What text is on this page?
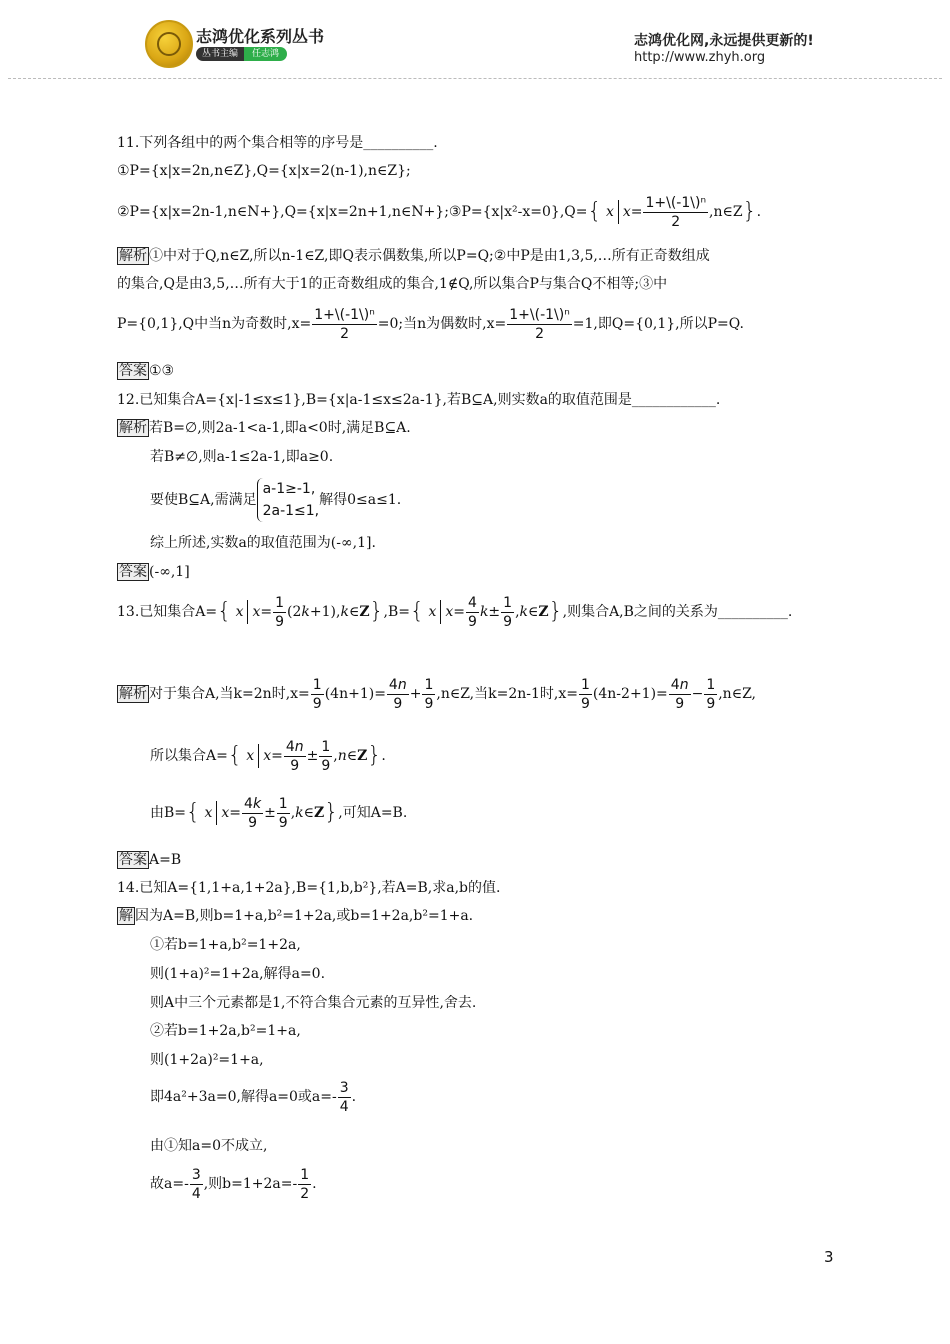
志鸿优化系列丛书
丛书主编	任志鸿
志鸿优化网,永远提供更新的!
http://www.zhyh.org
11.下列各组中的两个集合相等的序号是__________.
①P={x|x=2n,n∈Z},Q={x|x=2(n-1),n∈Z};
②P={x|x=2n-1,n∈N+},Q={x|x=2n+1,n∈N+};③P={x|x²-x=0},Q={ x $x= \frac{\text{1+\textbackslash{}(-1\textbackslash{})ⁿ}}{2}$ ,n∈Z}.
解析 ①中对于Q,n∈Z,所以n-1∈Z,即Q表示偶数集,所以P=Q;②中P是由1,3,5,…所有正奇数组成
的集合,Q是由3,5,…所有大于1的正奇数组成的集合,1∉Q,所以集合P与集合Q不相等;③中
P={0,1},Q中当n为奇数时$,x= \frac{\text{1+\textbackslash{}(-1\textbackslash{})ⁿ}}{2} =0$;当n为偶数时$,x= \frac{\text{1+\textbackslash{}(-1\textbackslash{})ⁿ}}{2} =1$,即Q={0,1},所以P=Q.
答案 ①③
12.已知集合A={x|-1≤x≤1},B={x|a-1≤x≤2a-1},若B⊆A,则实数a的取值范围是____________.
解析 若B=∅,则2a-1<a-1,即a<0时,满足B⊆A.
若B≠∅,则a-1≤2a-1,即a≥0.
要使B⊆A,需满足a-1≥-1,
2a-1≤1,解得0≤a≤1.
综上所述,实数a的取值范围为(-∞,1].
答案 (-∞,1]
13.已知集合A={ x $x= \frac{1}{9}$ (2k+1),k∈Z},B={ x $x= \frac{4}{9} k\pm \frac{1}{9}$ ,k∈Z},则集合A,B之间的关系为__________.
解析 对于集合A,当k=2n时$,x= \frac{1}{9} (4n+1)= \frac{4n}{9} + \frac{1}{9}$ ,n∈Z,当k=2n-1时$,x= \frac{1}{9} (4n-2+1)= \frac{4n}{9} - \frac{1}{9}$ ,n∈Z,
所以集合A={ x $x= \frac{4n}{9} \pm \frac{1}{9}$ ,n∈Z}.
由B={ x $x= \frac{4k}{9} \pm \frac{1}{9}$ ,k∈Z},可知A=B.
答案 A=B
14.已知A={1,1+a,1+2a},B={1,b,b²},若A=B,求a,b的值.
解 因为A=B,则b=1+a,b²=1+2a,或b=1+2a,b²=1+a.
①若b=1+a,b²=1+2a,
则(1+a)²=1+2a,解得a=0.
则A中三个元素都是1,不符合集合元素的互异性,舍去.
②若b=1+2a,b²=1+a,
则(1+2a)²=1+a,
即4a²+3a=0,解得a=0或$a=- \frac{3}{4}$ .
由①知a=0不成立,
故$a=- \frac{3}{4}$ ,则$b=1+2a=- \frac{1}{2}$ .
3
